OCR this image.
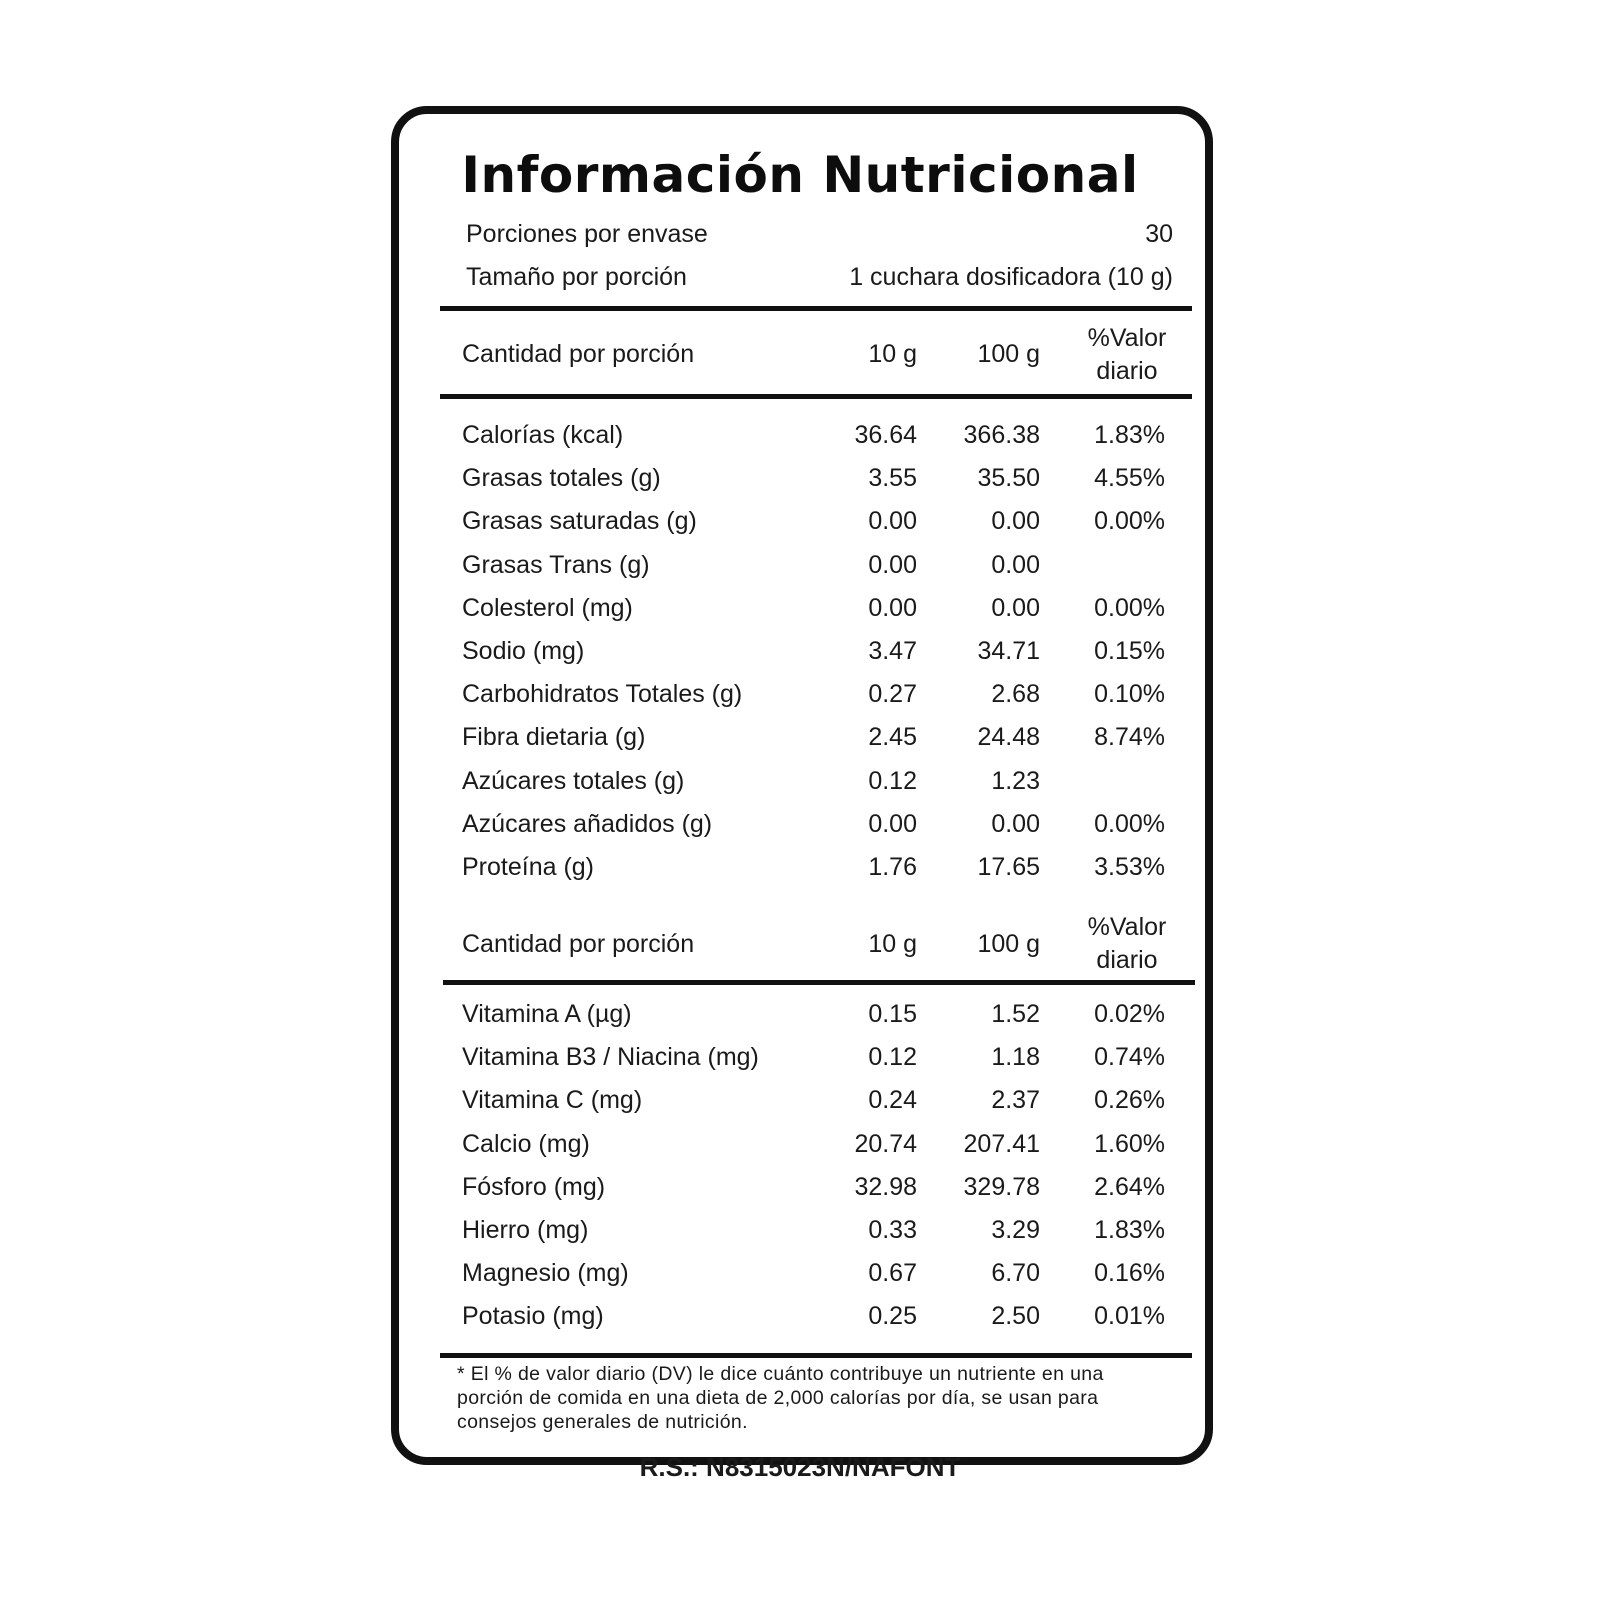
Información Nutricional
Porciones por envase	30
Tamaño por porción	1 cuchara dosificadora (10 g)
Cantidad por porción	10 g 100 g
%Valor
diario
Calorías (kcal)	36.64 366.38 1.83%
Grasas totales (g)	3.55 35.50 4.55%
Grasas saturadas (g)	0.00	0.00 0.00%
Grasas Trans (g)	0.00	0.00
Colesterol (mg)	0.00	0.00 0.00%
Sodio (mg)	3.47 34.71 0.15%
Carbohidratos Totales (g)	0.27	2.68 0.10%
Fibra dietaria (g)	2.45 24.48 8.74%
Azúcares totales (g)	0.12	1.23
Azúcares añadidos (g)	0.00	0.00 0.00%
Proteína (g)	1.76 17.65 3.53%
Cantidad por porción	10 g 100 g
%Valor
diario
Vitamina A (µg)	0.15	1.52 0.02%
Vitamina B3 / Niacina (mg)	0.12	1.18 0.74%
Vitamina C (mg)	0.24	2.37 0.26%
Calcio (mg)	20.74 207.41 1.60%
Fósforo (mg)	32.98 329.78 2.64%
Hierro (mg)	0.33	3.29 1.83%
Magnesio (mg)	0.67	6.70 0.16%
Potasio (mg)	0.25	2.50 0.01%
* El % de valor diario (DV) le dice cuánto contribuye un nutriente en una porción de comida en una dieta de 2,000 calorías por día, se usan para consejos generales de nutrición.
R.S.: N8315023N/NAFONT
